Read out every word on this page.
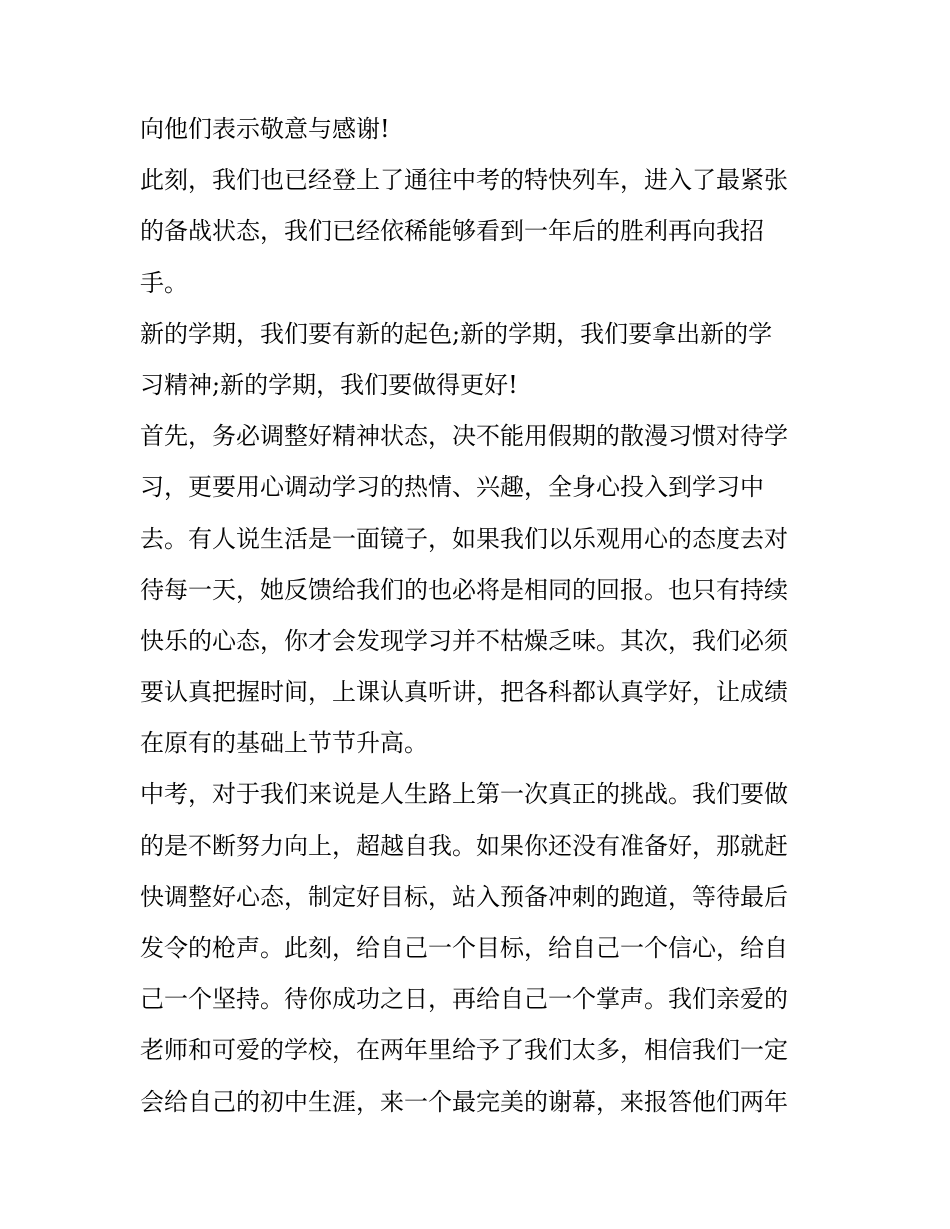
向他们表示敬意与感谢!
此刻，我们也已经登上了通往中考的特快列车，进入了最紧张
的备战状态，我们已经依稀能够看到一年后的胜利再向我招
手。
新的学期，我们要有新的起色;新的学期，我们要拿出新的学
习精神;新的学期，我们要做得更好!
首先，务必调整好精神状态，决不能用假期的散漫习惯对待学
习，更要用心调动学习的热情、兴趣，全身心投入到学习中
去。有人说生活是一面镜子，如果我们以乐观用心的态度去对
待每一天，她反馈给我们的也必将是相同的回报。也只有持续
快乐的心态，你才会发现学习并不枯燥乏味。其次，我们必须
要认真把握时间，上课认真听讲，把各科都认真学好，让成绩
在原有的基础上节节升高。
中考，对于我们来说是人生路上第一次真正的挑战。我们要做
的是不断努力向上，超越自我。如果你还没有准备好，那就赶
快调整好心态，制定好目标，站入预备冲刺的跑道，等待最后
发令的枪声。此刻，给自己一个目标，给自己一个信心，给自
己一个坚持。待你成功之日，再给自己一个掌声。我们亲爱的
老师和可爱的学校，在两年里给予了我们太多，相信我们一定
会给自己的初中生涯，来一个最完美的谢幕，来报答他们两年
